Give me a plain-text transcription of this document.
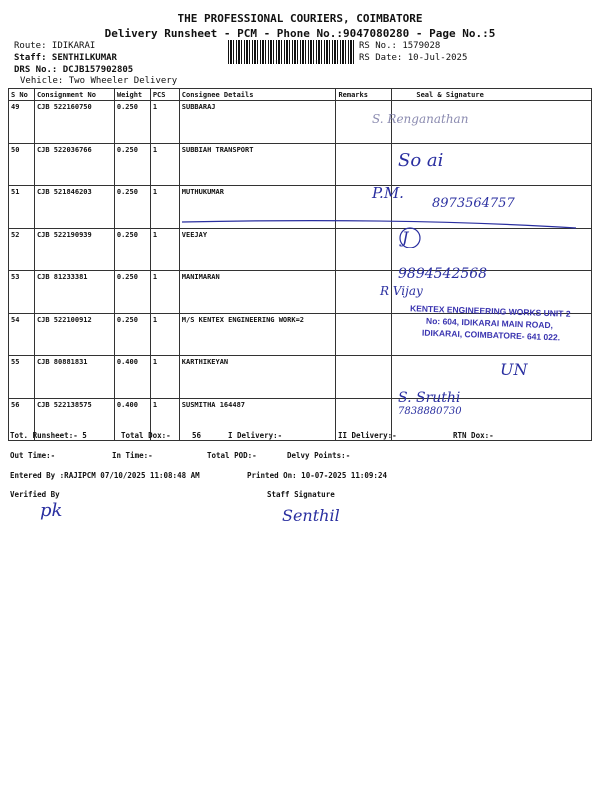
THE PROFESSIONAL COURIERS, COIMBATORE
Delivery Runsheet - PCM - Phone No.:9047080280 - Page No.:5
Route: IDIKARAI
Staff: SENTHILKUMAR
DRS No.: DCJB157902805
Vehicle: Two Wheeler Delivery
RS No.: 1579028
RS Date: 10-Jul-2025
S No	Consignment No	Weight	PCS	Consignee Details	Remarks	Seal & Signature
49	CJB 522160750	0.250	1	SUBBARAJ		
50	CJB 522036766	0.250	1	SUBBIAH TRANSPORT		
51	CJB 521846203	0.250	1	MUTHUKUMAR		
52	CJB 522190939	0.250	1	VEEJAY		
53	CJB 81233381	0.250	1	MANIMARAN		
54	CJB 522100912	0.250	1	M/S KENTEX ENGINEERING WORK=2		
55	CJB 80881831	0.400	1	KARTHIKEYAN		
56	CJB 522138575	0.400	1	SUSMITHA 164487		
S. Renganathan
So ai
P.M.
8973564757
J
9894542568
R Vijay
KENTEX ENGINEERING WORKS UNIT 2
No: 604, IDIKARAI MAIN ROAD,
IDIKARAI, COIMBATORE- 641 022.
UN
S. Sruthi
7838880730
Tot. Runsheet:- 5	Total Dox:-	56	I Delivery:-	II Delivery:-	RTN Dox:-
Out Time:-	In Time:-	Total POD:-	Delvy Points:-
Entered By :RAJIPCM 07/10/2025 11:08:48 AM	Printed On: 10-07-2025 11:09:24
Verified By	Staff Signature
pk	Senthil
